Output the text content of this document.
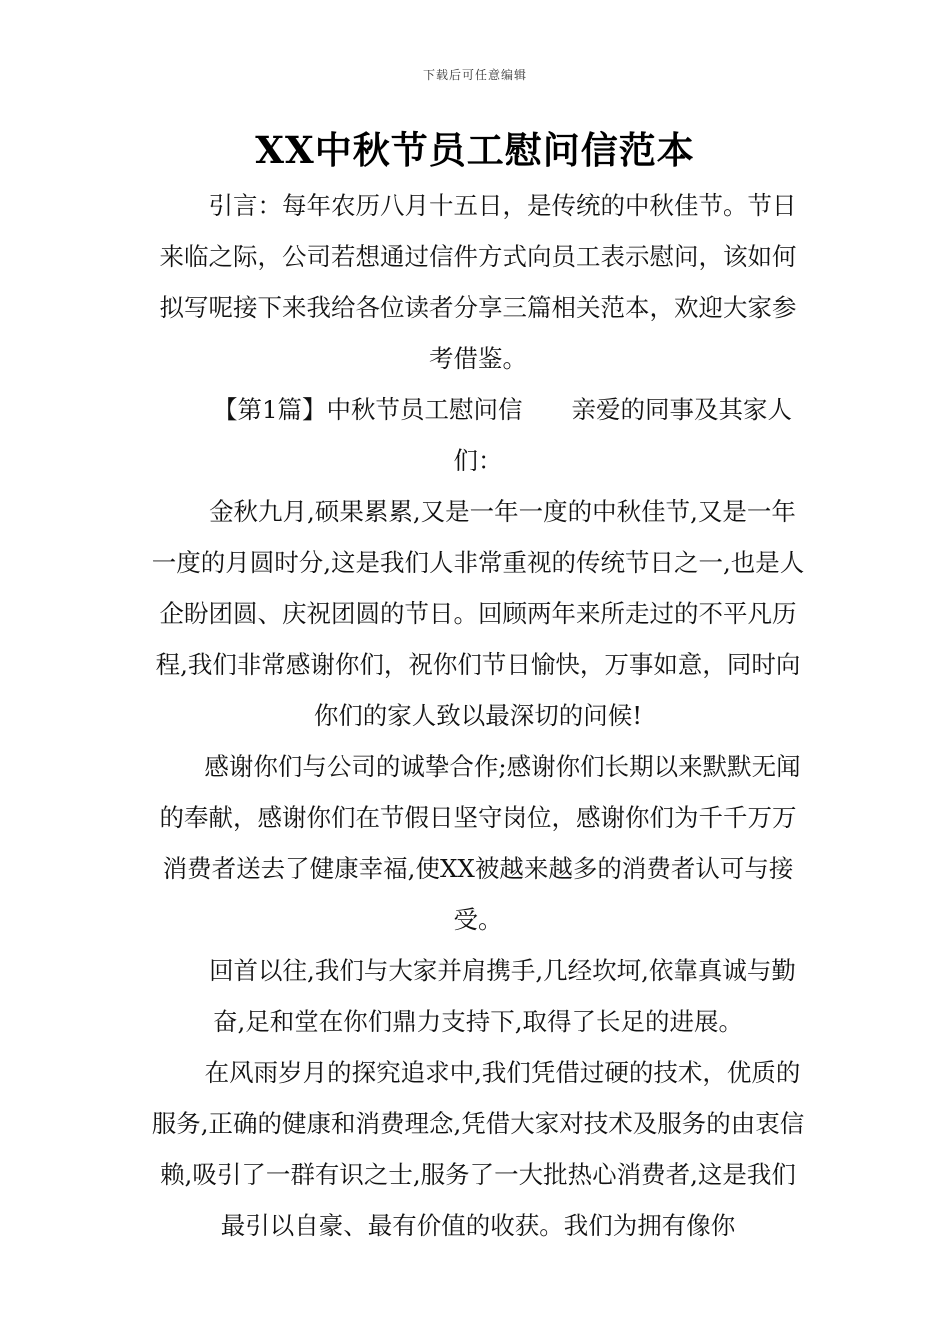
下载后可任意编辑
XX中秋节员工慰问信范本

引言：每年农历八月十五日，是传统的中秋佳节。节日来临之际，公司若想通过信件方式向员工表示慰问，该如何拟写呢接下来我给各位读者分享三篇相关范本，欢迎大家参考借鉴。

【第1篇】中秋节员工慰问信　　亲爱的同事及其家人们：

金秋九月,硕果累累,又是一年一度的中秋佳节,又是一年一度的月圆时分,这是我们人非常重视的传统节日之一,也是人企盼团圆、庆祝团圆的节日。回顾两年来所走过的不平凡历程,我们非常感谢你们，祝你们节日愉快，万事如意，同时向你们的家人致以最深切的问候!

感谢你们与公司的诚挚合作;感谢你们长期以来默默无闻的奉献，感谢你们在节假日坚守岗位，感谢你们为千千万万消费者送去了健康幸福,使XX被越来越多的消费者认可与接受。

回首以往,我们与大家并肩携手,几经坎坷,依靠真诚与勤奋,足和堂在你们鼎力支持下,取得了长足的进展。

在风雨岁月的探究追求中,我们凭借过硬的技术，优质的服务,正确的健康和消费理念,凭借大家对技术及服务的由衷信赖,吸引了一群有识之士,服务了一大批热心消费者,这是我们最引以自豪、最有价值的收获。我们为拥有像你
